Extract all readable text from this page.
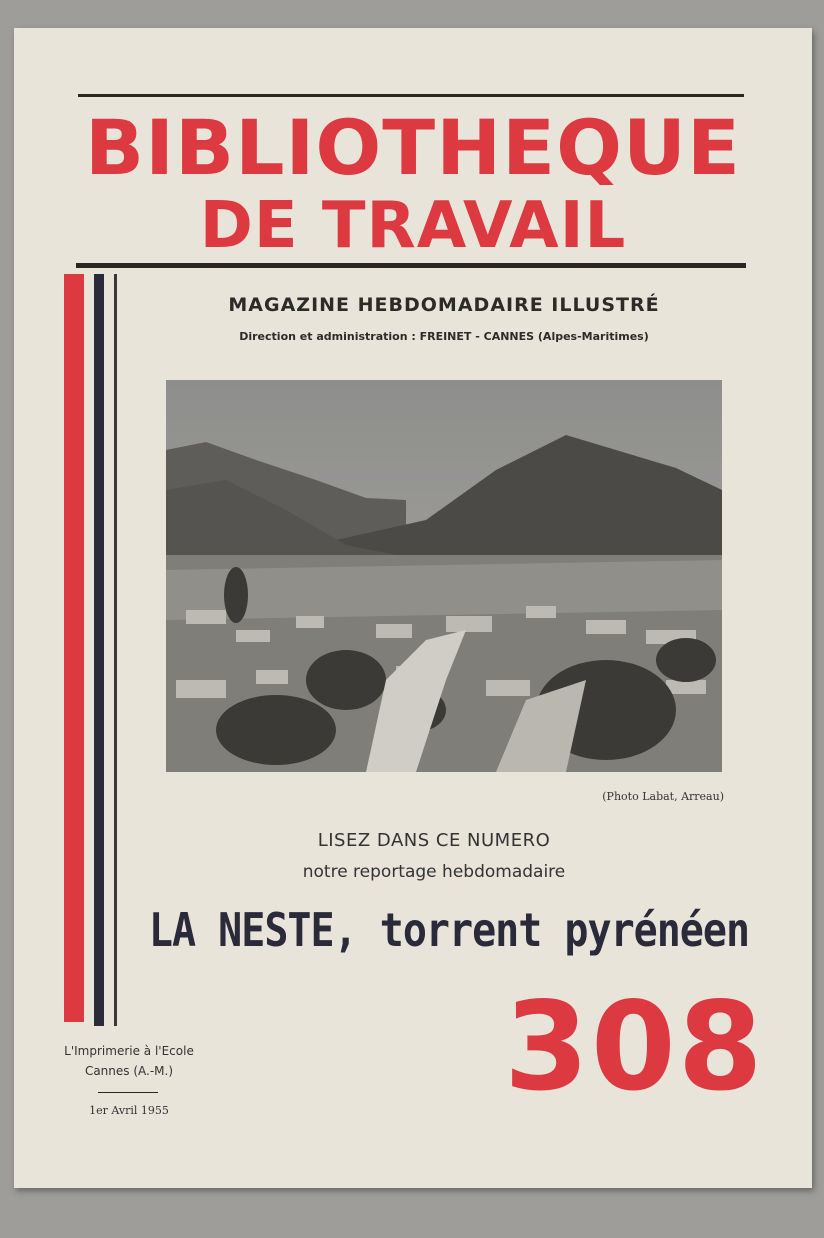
BIBLIOTHEQUE
DE TRAVAIL
MAGAZINE HEBDOMADAIRE ILLUSTRÉ
Direction et administration : FREINET - CANNES (Alpes-Maritimes)
(Photo Labat, Arreau)
LISEZ DANS CE NUMERO
notre reportage hebdomadaire
LA NESTE, torrent pyrénéen
308
L'Imprimerie à l'Ecole
Cannes (A.-M.)
1er Avril 1955
